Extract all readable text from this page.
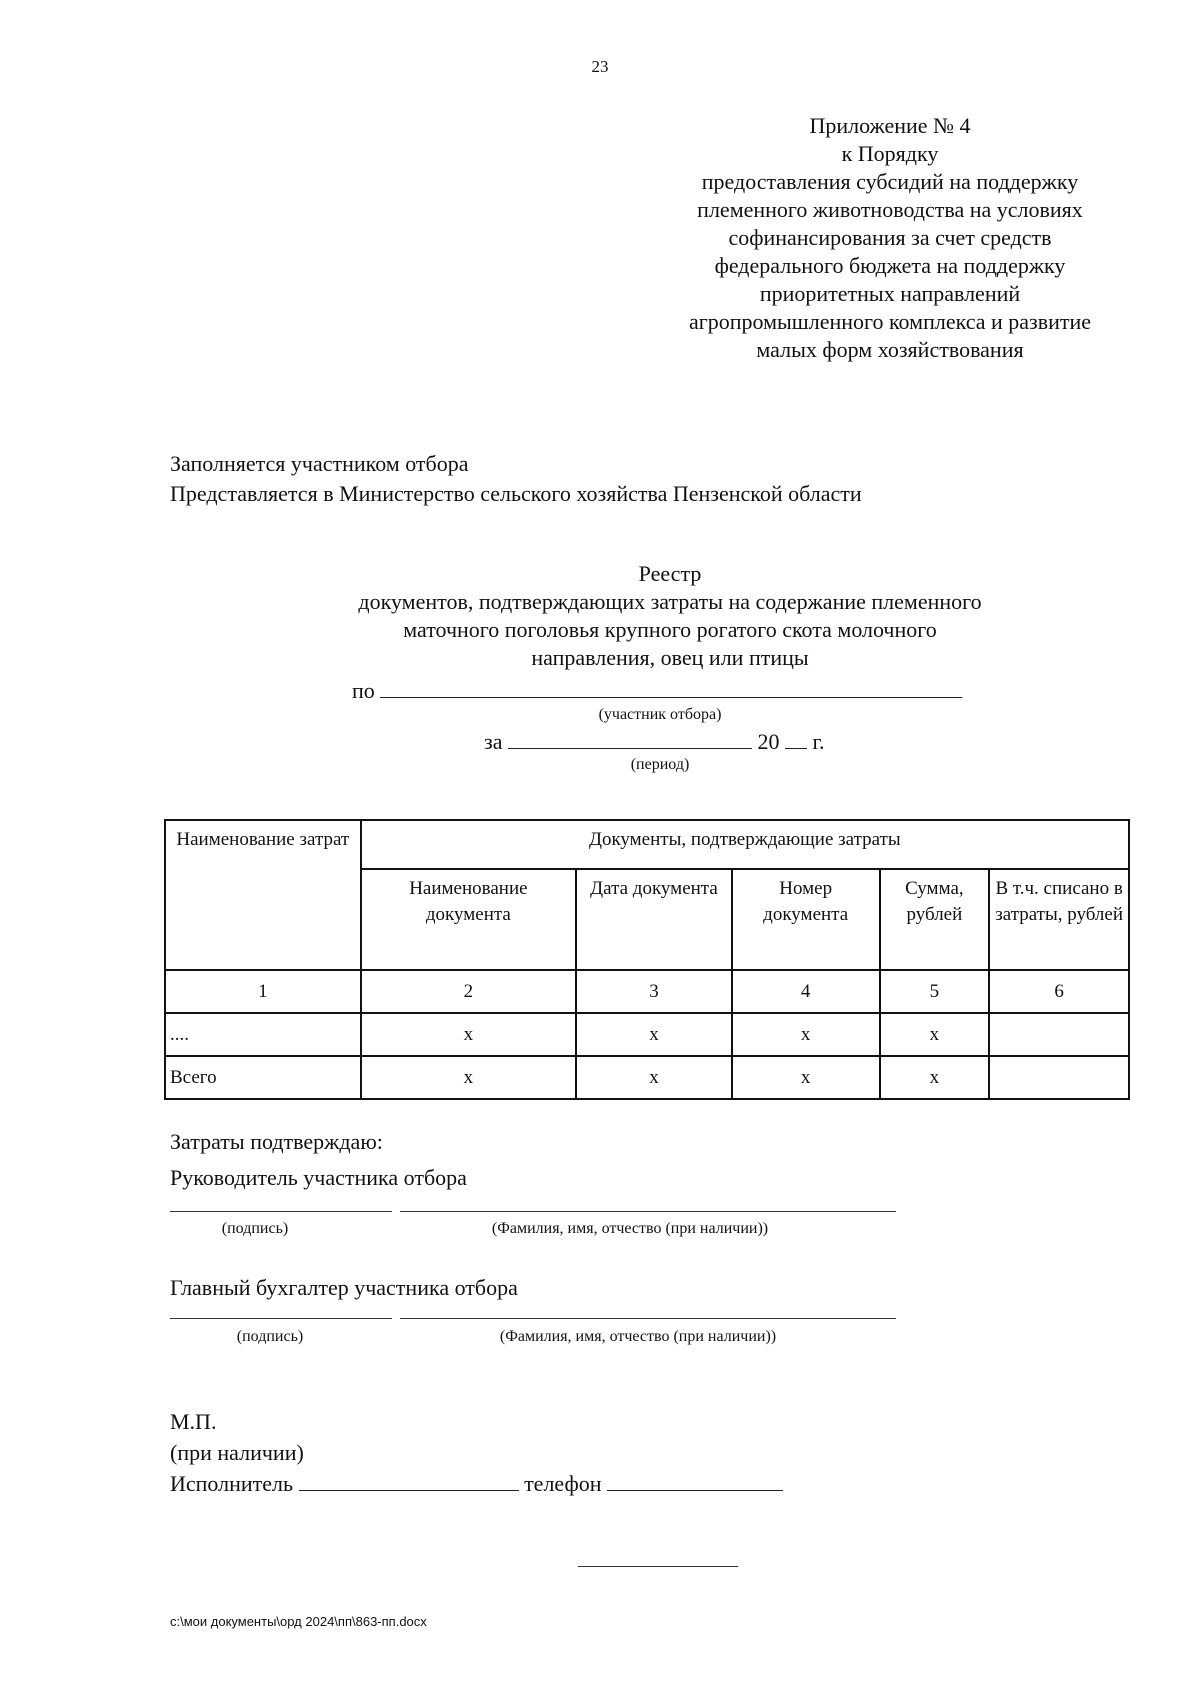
23
Приложение № 4
к Порядку
предоставления субсидий на поддержку
племенного животноводства на условиях
софинансирования за счет средств
федерального бюджета на поддержку
приоритетных направлений
агропромышленного комплекса и развитие
малых форм хозяйствования
Заполняется участником отбора
Представляется в Министерство сельского хозяйства Пензенской области
Реестр
документов, подтверждающих затраты на содержание племенного
маточного поголовья крупного рогатого скота молочного
направления, овец или птицы
по
(участник отбора)
за	20 г.
(период)
Наименование затрат	Документы, подтверждающие затраты				
	Наименование документа	Дата документа	Номер документа	Сумма, рублей	В т.ч. списано в затраты, рублей
1	2	3	4	5	6
....	x	x	x	x	
Всего	x	x	x	x	
Затраты подтверждаю:
Руководитель участника отбора
(подпись)	(Фамилия, имя, отчество (при наличии))
Главный бухгалтер участника отбора
(подпись)	(Фамилия, имя, отчество (при наличии))
М.П.
(при наличии)
Исполнитель	телефон
c:\мои документы\орд 2024\пп\863-пп.docx
